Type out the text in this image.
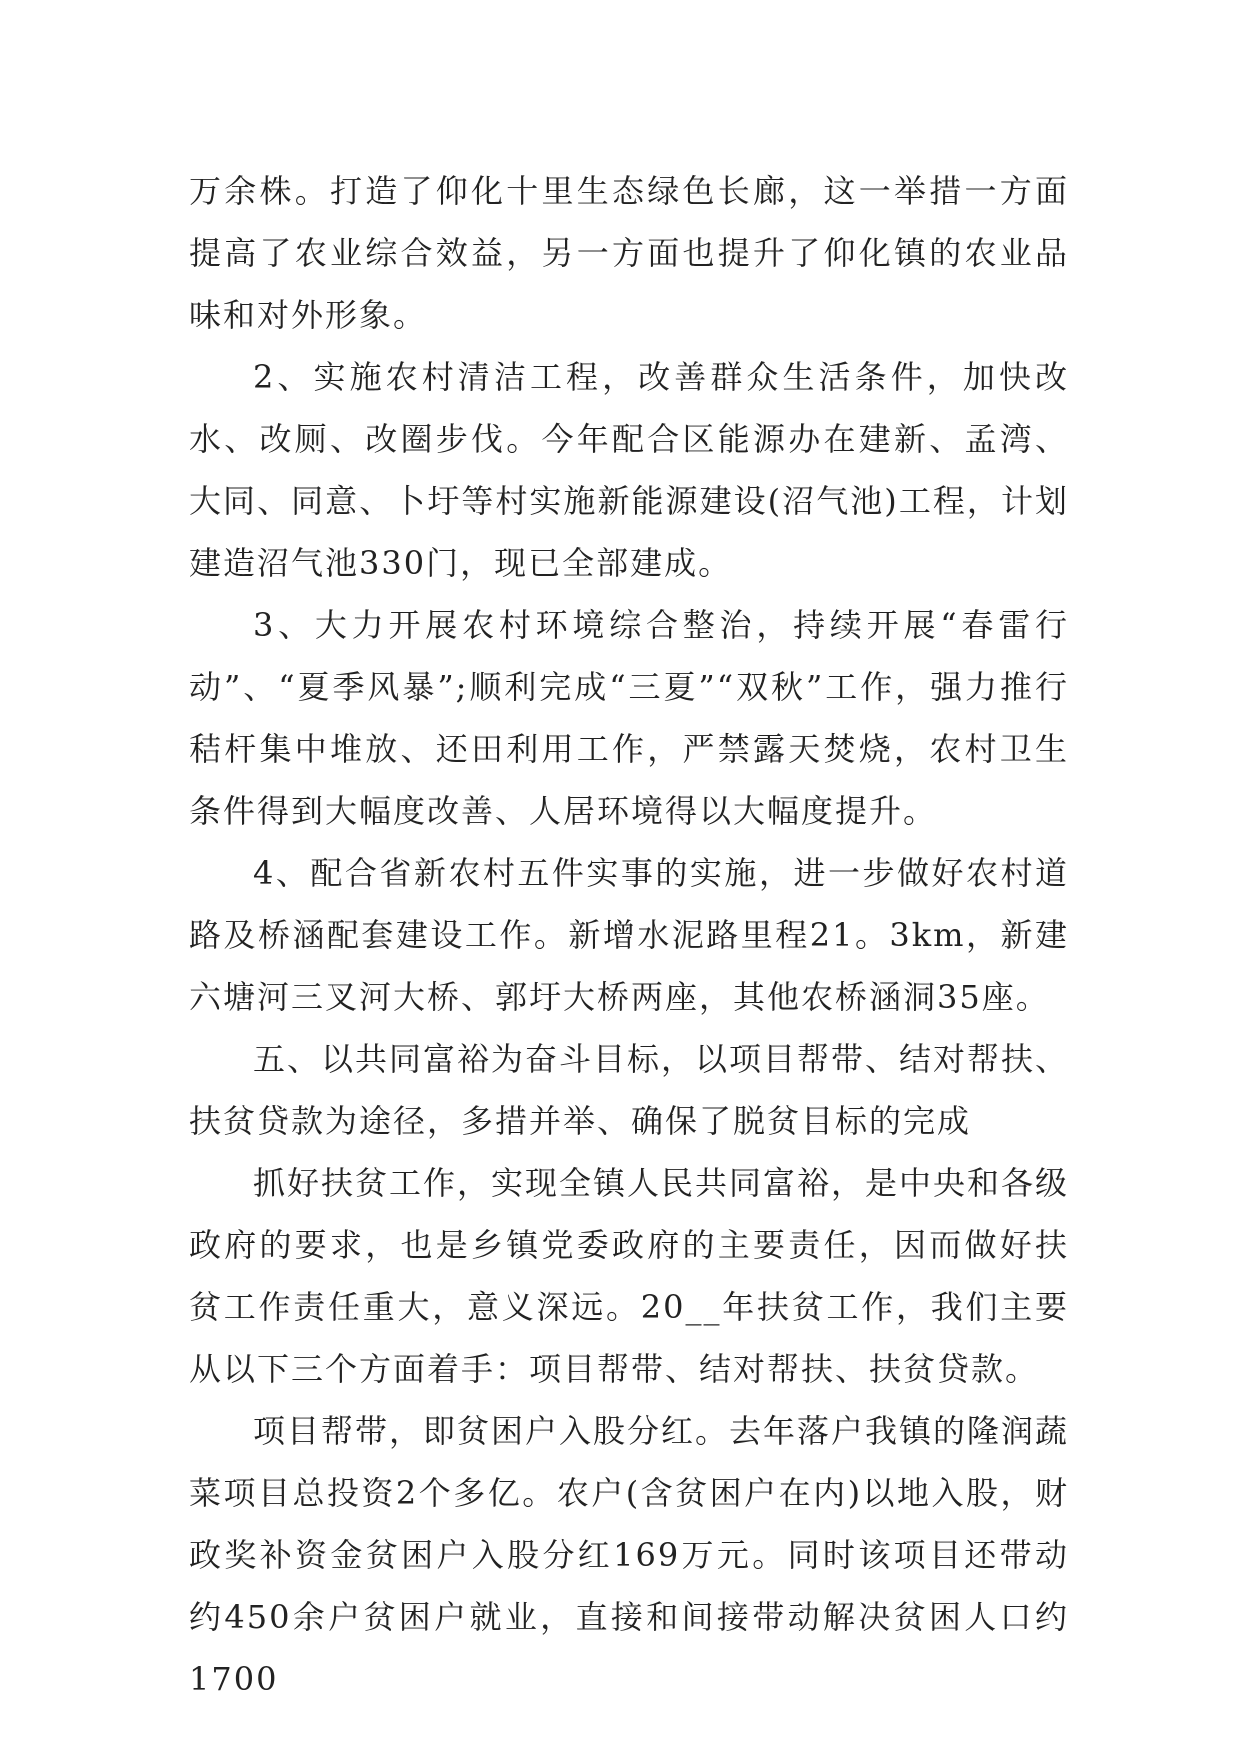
万余株。打造了仰化十里生态绿色长廊，这一举措一方面提高了农业综合效益，另一方面也提升了仰化镇的农业品味和对外形象。

2、实施农村清洁工程，改善群众生活条件，加快改水、改厕、改圈步伐。今年配合区能源办在建新、孟湾、大同、同意、卜圩等村实施新能源建设(沼气池)工程，计划建造沼气池330门，现已全部建成。

3、大力开展农村环境综合整治，持续开展“春雷行动”、“夏季风暴”;顺利完成“三夏”“双秋”工作，强力推行秸杆集中堆放、还田利用工作，严禁露天焚烧，农村卫生条件得到大幅度改善、人居环境得以大幅度提升。

4、配合省新农村五件实事的实施，进一步做好农村道路及桥涵配套建设工作。新增水泥路里程21。3km，新建六塘河三叉河大桥、郭圩大桥两座，其他农桥涵洞35座。

五、以共同富裕为奋斗目标，以项目帮带、结对帮扶、扶贫贷款为途径，多措并举、确保了脱贫目标的完成

抓好扶贫工作，实现全镇人民共同富裕，是中央和各级政府的要求，也是乡镇党委政府的主要责任，因而做好扶贫工作责任重大，意义深远。20__年扶贫工作，我们主要从以下三个方面着手：项目帮带、结对帮扶、扶贫贷款。

项目帮带，即贫困户入股分红。去年落户我镇的隆润蔬菜项目总投资2个多亿。农户(含贫困户在内)以地入股，财政奖补资金贫困户入股分红169万元。同时该项目还带动约450余户贫困户就业，直接和间接带动解决贫困人口约1700
